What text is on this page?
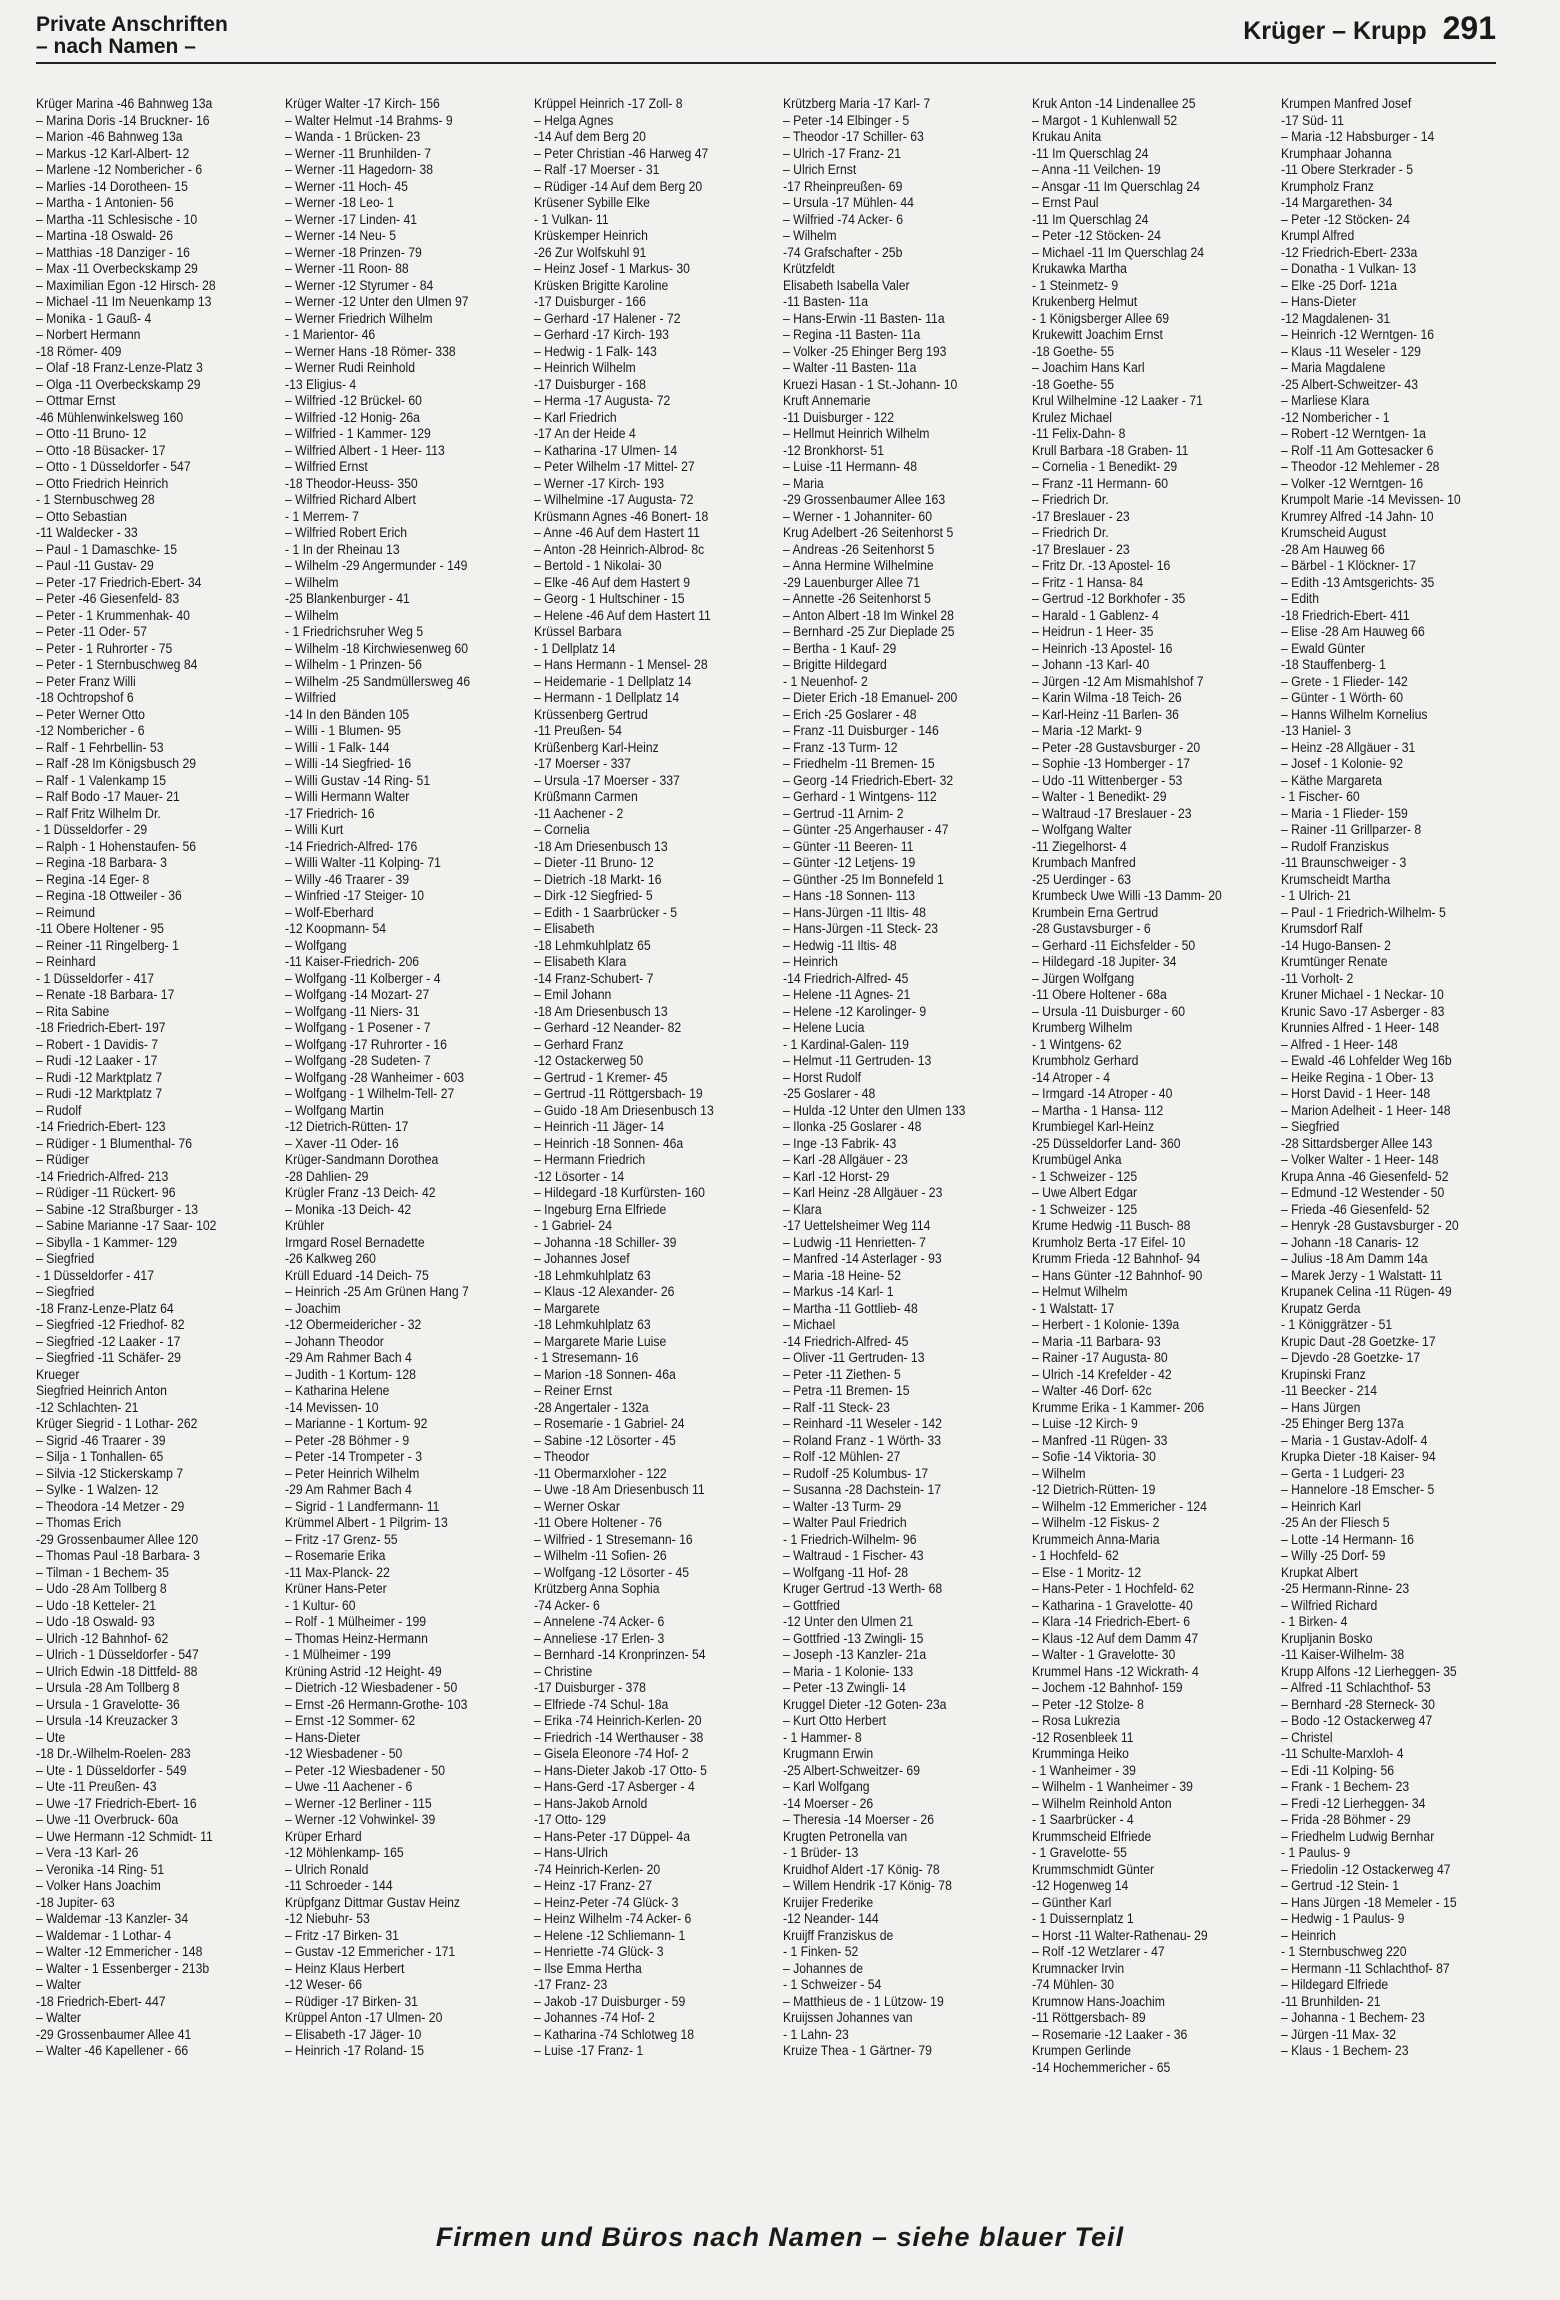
Private Anschriften
– nach Namen –
Krüger – Krupp 291
Krüger Marina -46 Bahnweg 13a
– Marina Doris -14 Bruckner- 16
– Marion -46 Bahnweg 13a
– Markus -12 Karl-Albert- 12
– Marlene -12 Nombericher - 6
– Marlies -14 Dorotheen- 15
– Martha - 1 Antonien- 56
– Martha -11 Schlesische - 10
– Martina -18 Oswald- 26
– Matthias -18 Danziger - 16
– Max -11 Overbeckskamp 29
– Maximilian Egon -12 Hirsch- 28
– Michael -11 Im Neuenkamp 13
– Monika - 1 Gauß- 4
– Norbert Hermann
-18 Römer- 409
– Olaf -18 Franz-Lenze-Platz 3
– Olga -11 Overbeckskamp 29
– Ottmar Ernst
-46 Mühlenwinkelsweg 160
– Otto -11 Bruno- 12
– Otto -18 Büsacker- 17
– Otto - 1 Düsseldorfer - 547
– Otto Friedrich Heinrich
- 1 Sternbuschweg 28
– Otto Sebastian
-11 Waldecker - 33
– Paul - 1 Damaschke- 15
– Paul -11 Gustav- 29
– Peter -17 Friedrich-Ebert- 34
– Peter -46 Giesenfeld- 83
– Peter - 1 Krummenhak- 40
– Peter -11 Oder- 57
– Peter - 1 Ruhrorter - 75
– Peter - 1 Sternbuschweg 84
– Peter Franz Willi
-18 Ochtropshof 6
– Peter Werner Otto
-12 Nombericher - 6
– Ralf - 1 Fehrbellin- 53
– Ralf -28 Im Königsbusch 29
– Ralf - 1 Valenkamp 15
– Ralf Bodo -17 Mauer- 21
– Ralf Fritz Wilhelm Dr.
- 1 Düsseldorfer - 29
– Ralph - 1 Hohenstaufen- 56
– Regina -18 Barbara- 3
– Regina -14 Eger- 8
– Regina -18 Ottweiler - 36
– Reimund
-11 Obere Holtener - 95
– Reiner -11 Ringelberg- 1
– Reinhard
- 1 Düsseldorfer - 417
– Renate -18 Barbara- 17
– Rita Sabine
-18 Friedrich-Ebert- 197
– Robert - 1 Davidis- 7
– Rudi -12 Laaker - 17
– Rudi -12 Marktplatz 7
– Rudi -12 Marktplatz 7
– Rudolf
-14 Friedrich-Ebert- 123
– Rüdiger - 1 Blumenthal- 76
– Rüdiger
-14 Friedrich-Alfred- 213
– Rüdiger -11 Rückert- 96
– Sabine -12 Straßburger - 13
– Sabine Marianne -17 Saar- 102
– Sibylla - 1 Kammer- 129
– Siegfried
- 1 Düsseldorfer - 417
– Siegfried
-18 Franz-Lenze-Platz 64
– Siegfried -12 Friedhof- 82
– Siegfried -12 Laaker - 17
– Siegfried -11 Schäfer- 29
Krueger
Siegfried Heinrich Anton
-12 Schlachten- 21
Krüger Siegrid - 1 Lothar- 262
– Sigrid -46 Traarer - 39
– Silja - 1 Tonhallen- 65
– Silvia -12 Stickerskamp 7
– Sylke - 1 Walzen- 12
– Theodora -14 Metzer - 29
– Thomas Erich
-29 Grossenbaumer Allee 120
– Thomas Paul -18 Barbara- 3
– Tilman - 1 Bechem- 35
– Udo -28 Am Tollberg 8
– Udo -18 Ketteler- 21
– Udo -18 Oswald- 93
– Ulrich -12 Bahnhof- 62
– Ulrich - 1 Düsseldorfer - 547
– Ulrich Edwin -18 Dittfeld- 88
– Ursula -28 Am Tollberg 8
– Ursula - 1 Gravelotte- 36
– Ursula -14 Kreuzacker 3
– Ute
-18 Dr.-Wilhelm-Roelen- 283
– Ute - 1 Düsseldorfer - 549
– Ute -11 Preußen- 43
– Uwe -17 Friedrich-Ebert- 16
– Uwe -11 Overbruck- 60a
– Uwe Hermann -12 Schmidt- 11
– Vera -13 Karl- 26
– Veronika -14 Ring- 51
– Volker Hans Joachim
-18 Jupiter- 63
– Waldemar -13 Kanzler- 34
– Waldemar - 1 Lothar- 4
– Walter -12 Emmericher - 148
– Walter - 1 Essenberger - 213b
– Walter
-18 Friedrich-Ebert- 447
– Walter
-29 Grossenbaumer Allee 41
– Walter -46 Kapellener - 66
Krüger Walter -17 Kirch- 156
– Walter Helmut -14 Brahms- 9
– Wanda - 1 Brücken- 23
– Werner -11 Brunhilden- 7
– Werner -11 Hagedorn- 38
– Werner -11 Hoch- 45
– Werner -18 Leo- 1
– Werner -17 Linden- 41
– Werner -14 Neu- 5
– Werner -18 Prinzen- 79
– Werner -11 Roon- 88
– Werner -12 Styrumer - 84
– Werner -12 Unter den Ulmen 97
– Werner Friedrich Wilhelm
- 1 Marientor- 46
– Werner Hans -18 Römer- 338
– Werner Rudi Reinhold
-13 Eligius- 4
– Wilfried -12 Brückel- 60
– Wilfried -12 Honig- 26a
– Wilfried - 1 Kammer- 129
– Wilfried Albert - 1 Heer- 113
– Wilfried Ernst
-18 Theodor-Heuss- 350
– Wilfried Richard Albert
- 1 Merrem- 7
– Wilfried Robert Erich
- 1 In der Rheinau 13
– Wilhelm -29 Angermunder - 149
– Wilhelm
-25 Blankenburger - 41
– Wilhelm
- 1 Friedrichsruher Weg 5
– Wilhelm -18 Kirchwiesenweg 60
– Wilhelm - 1 Prinzen- 56
– Wilhelm -25 Sandmüllersweg 46
– Wilfried
-14 In den Bänden 105
– Willi - 1 Blumen- 95
– Willi - 1 Falk- 144
– Willi -14 Siegfried- 16
– Willi Gustav -14 Ring- 51
– Willi Hermann Walter
-17 Friedrich- 16
– Willi Kurt
-14 Friedrich-Alfred- 176
– Willi Walter -11 Kolping- 71
– Willy -46 Traarer - 39
– Winfried -17 Steiger- 10
– Wolf-Eberhard
-12 Koopmann- 54
– Wolfgang
-11 Kaiser-Friedrich- 206
– Wolfgang -11 Kolberger - 4
– Wolfgang -14 Mozart- 27
– Wolfgang -11 Niers- 31
– Wolfgang - 1 Posener - 7
– Wolfgang -17 Ruhrorter - 16
– Wolfgang -28 Sudeten- 7
– Wolfgang -28 Wanheimer - 603
– Wolfgang - 1 Wilhelm-Tell- 27
– Wolfgang Martin
-12 Dietrich-Rütten- 17
– Xaver -11 Oder- 16
Krüger-Sandmann Dorothea
-28 Dahlien- 29
Krügler Franz -13 Deich- 42
– Monika -13 Deich- 42
Krühler
Irmgard Rosel Bernadette
-26 Kalkweg 260
Krüll Eduard -14 Deich- 75
– Heinrich -25 Am Grünen Hang 7
– Joachim
-12 Obermeidericher - 32
– Johann Theodor
-29 Am Rahmer Bach 4
– Judith - 1 Kortum- 128
– Katharina Helene
-14 Mevissen- 10
– Marianne - 1 Kortum- 92
– Peter -28 Böhmer - 9
– Peter -14 Trompeter - 3
– Peter Heinrich Wilhelm
-29 Am Rahmer Bach 4
– Sigrid - 1 Landfermann- 11
Krümmel Albert - 1 Pilgrim- 13
– Fritz -17 Grenz- 55
– Rosemarie Erika
-11 Max-Planck- 22
Krüner Hans-Peter
- 1 Kultur- 60
– Rolf - 1 Mülheimer - 199
– Thomas Heinz-Hermann
- 1 Mülheimer - 199
Krüning Astrid -12 Height- 49
– Dietrich -12 Wiesbadener - 50
– Ernst -26 Hermann-Grothe- 103
– Ernst -12 Sommer- 62
– Hans-Dieter
-12 Wiesbadener - 50
– Peter -12 Wiesbadener - 50
– Uwe -11 Aachener - 6
– Werner -12 Berliner - 115
– Werner -12 Vohwinkel- 39
Krüper Erhard
-12 Möhlenkamp- 165
– Ulrich Ronald
-11 Schroeder - 144
Krüpfganz Dittmar Gustav Heinz
-12 Niebuhr- 53
– Fritz -17 Birken- 31
– Gustav -12 Emmericher - 171
– Heinz Klaus Herbert
-12 Weser- 66
– Rüdiger -17 Birken- 31
Krüppel Anton -17 Ulmen- 20
– Elisabeth -17 Jäger- 10
– Heinrich -17 Roland- 15
Krüppel Heinrich -17 Zoll- 8
– Helga Agnes
-14 Auf dem Berg 20
– Peter Christian -46 Harweg 47
– Ralf -17 Moerser - 31
– Rüdiger -14 Auf dem Berg 20
Krüsener Sybille Elke
- 1 Vulkan- 11
Krüskemper Heinrich
-26 Zur Wolfskuhl 91
– Heinz Josef - 1 Markus- 30
Krüsken Brigitte Karoline
-17 Duisburger - 166
– Gerhard -17 Halener - 72
– Gerhard -17 Kirch- 193
– Hedwig - 1 Falk- 143
– Heinrich Wilhelm
-17 Duisburger - 168
– Herma -17 Augusta- 72
– Karl Friedrich
-17 An der Heide 4
– Katharina -17 Ulmen- 14
– Peter Wilhelm -17 Mittel- 27
– Werner -17 Kirch- 193
– Wilhelmine -17 Augusta- 72
Krüsmann Agnes -46 Bonert- 18
– Anne -46 Auf dem Hastert 11
– Anton -28 Heinrich-Albrod- 8c
– Bertold - 1 Nikolai- 30
– Elke -46 Auf dem Hastert 9
– Georg - 1 Hultschiner - 15
– Helene -46 Auf dem Hastert 11
Krüssel Barbara
- 1 Dellplatz 14
– Hans Hermann - 1 Mensel- 28
– Heidemarie - 1 Dellplatz 14
– Hermann - 1 Dellplatz 14
Krüssenberg Gertrud
-11 Preußen- 54
Krüßenberg Karl-Heinz
-17 Moerser - 337
– Ursula -17 Moerser - 337
Krüßmann Carmen
-11 Aachener - 2
– Cornelia
-18 Am Driesenbusch 13
– Dieter -11 Bruno- 12
– Dietrich -18 Markt- 16
– Dirk -12 Siegfried- 5
– Edith - 1 Saarbrücker - 5
– Elisabeth
-18 Lehmkuhlplatz 65
– Elisabeth Klara
-14 Franz-Schubert- 7
– Emil Johann
-18 Am Driesenbusch 13
– Gerhard -12 Neander- 82
– Gerhard Franz
-12 Ostackerweg 50
– Gertrud - 1 Kremer- 45
– Gertrud -11 Röttgersbach- 19
– Guido -18 Am Driesenbusch 13
– Heinrich -11 Jäger- 14
– Heinrich -18 Sonnen- 46a
– Hermann Friedrich
-12 Lösorter - 14
– Hildegard -18 Kurfürsten- 160
– Ingeburg Erna Elfriede
- 1 Gabriel- 24
– Johanna -18 Schiller- 39
– Johannes Josef
-18 Lehmkuhlplatz 63
– Klaus -12 Alexander- 26
– Margarete
-18 Lehmkuhlplatz 63
– Margarete Marie Luise
- 1 Stresemann- 16
– Marion -18 Sonnen- 46a
– Reiner Ernst
-28 Angertaler - 132a
– Rosemarie - 1 Gabriel- 24
– Sabine -12 Lösorter - 45
– Theodor
-11 Obermarxloher - 122
– Uwe -18 Am Driesenbusch 11
– Werner Oskar
-11 Obere Holtener - 76
– Wilfried - 1 Stresemann- 16
– Wilhelm -11 Sofien- 26
– Wolfgang -12 Lösorter - 45
Krützberg Anna Sophia
-74 Acker- 6
– Annelene -74 Acker- 6
– Anneliese -17 Erlen- 3
– Bernhard -14 Kronprinzen- 54
– Christine
-17 Duisburger - 378
– Elfriede -74 Schul- 18a
– Erika -74 Heinrich-Kerlen- 20
– Friedrich -14 Werthauser - 38
– Gisela Eleonore -74 Hof- 2
– Hans-Dieter Jakob -17 Otto- 5
– Hans-Gerd -17 Asberger - 4
– Hans-Jakob Arnold
-17 Otto- 129
– Hans-Peter -17 Düppel- 4a
– Hans-Ulrich
-74 Heinrich-Kerlen- 20
– Heinz -17 Franz- 27
– Heinz-Peter -74 Glück- 3
– Heinz Wilhelm -74 Acker- 6
– Helene -12 Schliemann- 1
– Henriette -74 Glück- 3
– Ilse Emma Hertha
-17 Franz- 23
– Jakob -17 Duisburger - 59
– Johannes -74 Hof- 2
– Katharina -74 Schlotweg 18
– Luise -17 Franz- 1
Krützberg Maria -17 Karl- 7
– Peter -14 Elbinger - 5
– Theodor -17 Schiller- 63
– Ulrich -17 Franz- 21
– Ulrich Ernst
-17 Rheinpreußen- 69
– Ursula -17 Mühlen- 44
– Wilfried -74 Acker- 6
– Wilhelm
-74 Grafschafter - 25b
Krützfeldt
Elisabeth Isabella Valer
-11 Basten- 11a
– Hans-Erwin -11 Basten- 11a
– Regina -11 Basten- 11a
– Volker -25 Ehinger Berg 193
– Walter -11 Basten- 11a
Kruezi Hasan - 1 St.-Johann- 10
Kruft Annemarie
-11 Duisburger - 122
– Hellmut Heinrich Wilhelm
-12 Bronkhorst- 51
– Luise -11 Hermann- 48
– Maria
-29 Grossenbaumer Allee 163
– Werner - 1 Johanniter- 60
Krug Adelbert -26 Seitenhorst 5
– Andreas -26 Seitenhorst 5
– Anna Hermine Wilhelmine
-29 Lauenburger Allee 71
– Annette -26 Seitenhorst 5
– Anton Albert -18 Im Winkel 28
– Bernhard -25 Zur Dieplade 25
– Bertha - 1 Kauf- 29
– Brigitte Hildegard
- 1 Neuenhof- 2
– Dieter Erich -18 Emanuel- 200
– Erich -25 Goslarer - 48
– Franz -11 Duisburger - 146
– Franz -13 Turm- 12
– Friedhelm -11 Bremen- 15
– Georg -14 Friedrich-Ebert- 32
– Gerhard - 1 Wintgens- 112
– Gertrud -11 Arnim- 2
– Günter -25 Angerhauser - 47
– Günter -11 Beeren- 11
– Günter -12 Letjens- 19
– Günther -25 Im Bonnefeld 1
– Hans -18 Sonnen- 113
– Hans-Jürgen -11 Iltis- 48
– Hans-Jürgen -11 Steck- 23
– Hedwig -11 Iltis- 48
– Heinrich
-14 Friedrich-Alfred- 45
– Helene -11 Agnes- 21
– Helene -12 Karolinger- 9
– Helene Lucia
- 1 Kardinal-Galen- 119
– Helmut -11 Gertruden- 13
– Horst Rudolf
-25 Goslarer - 48
– Hulda -12 Unter den Ulmen 133
– Ilonka -25 Goslarer - 48
– Inge -13 Fabrik- 43
– Karl -28 Allgäuer - 23
– Karl -12 Horst- 29
– Karl Heinz -28 Allgäuer - 23
– Klara
-17 Uettelsheimer Weg 114
– Ludwig -11 Henrietten- 7
– Manfred -14 Asterlager - 93
– Maria -18 Heine- 52
– Markus -14 Karl- 1
– Martha -11 Gottlieb- 48
– Michael
-14 Friedrich-Alfred- 45
– Oliver -11 Gertruden- 13
– Peter -11 Ziethen- 5
– Petra -11 Bremen- 15
– Ralf -11 Steck- 23
– Reinhard -11 Weseler - 142
– Roland Franz - 1 Wörth- 33
– Rolf -12 Mühlen- 27
– Rudolf -25 Kolumbus- 17
– Susanna -28 Dachstein- 17
– Walter -13 Turm- 29
– Walter Paul Friedrich
- 1 Friedrich-Wilhelm- 96
– Waltraud - 1 Fischer- 43
– Wolfgang -11 Hof- 28
Kruger Gertrud -13 Werth- 68
– Gottfried
-12 Unter den Ulmen 21
– Gottfried -13 Zwingli- 15
– Joseph -13 Kanzler- 21a
– Maria - 1 Kolonie- 133
– Peter -13 Zwingli- 14
Kruggel Dieter -12 Goten- 23a
– Kurt Otto Herbert
- 1 Hammer- 8
Krugmann Erwin
-25 Albert-Schweitzer- 69
– Karl Wolfgang
-14 Moerser - 26
– Theresia -14 Moerser - 26
Krugten Petronella van
- 1 Brüder- 13
Kruidhof Aldert -17 König- 78
– Willem Hendrik -17 König- 78
Kruijer Frederike
-12 Neander- 144
Kruijff Franziskus de
- 1 Finken- 52
– Johannes de
- 1 Schweizer - 54
– Matthieus de - 1 Lützow- 19
Kruijssen Johannes van
- 1 Lahn- 23
Kruize Thea - 1 Gärtner- 79
Kruk Anton -14 Lindenallee 25
– Margot - 1 Kuhlenwall 52
Krukau Anita
-11 Im Querschlag 24
– Anna -11 Veilchen- 19
– Ansgar -11 Im Querschlag 24
– Ernst Paul
-11 Im Querschlag 24
– Peter -12 Stöcken- 24
– Michael -11 Im Querschlag 24
Krukawka Martha
- 1 Steinmetz- 9
Krukenberg Helmut
- 1 Königsberger Allee 69
Krukewitt Joachim Ernst
-18 Goethe- 55
– Joachim Hans Karl
-18 Goethe- 55
Krul Wilhelmine -12 Laaker - 71
Krulez Michael
-11 Felix-Dahn- 8
Krull Barbara -18 Graben- 11
– Cornelia - 1 Benedikt- 29
– Franz -11 Hermann- 60
– Friedrich Dr.
-17 Breslauer - 23
– Friedrich Dr.
-17 Breslauer - 23
– Fritz Dr. -13 Apostel- 16
– Fritz - 1 Hansa- 84
– Gertrud -12 Borkhofer - 35
– Harald - 1 Gablenz- 4
– Heidrun - 1 Heer- 35
– Heinrich -13 Apostel- 16
– Johann -13 Karl- 40
– Jürgen -12 Am Mismahlshof 7
– Karin Wilma -18 Teich- 26
– Karl-Heinz -11 Barlen- 36
– Maria -12 Markt- 9
– Peter -28 Gustavsburger - 20
– Sophie -13 Homberger - 17
– Udo -11 Wittenberger - 53
– Walter - 1 Benedikt- 29
– Waltraud -17 Breslauer - 23
– Wolfgang Walter
-11 Ziegelhorst- 4
Krumbach Manfred
-25 Uerdinger - 63
Krumbeck Uwe Willi -13 Damm- 20
Krumbein Erna Gertrud
-28 Gustavsburger - 6
– Gerhard -11 Eichsfelder - 50
– Hildegard -18 Jupiter- 34
– Jürgen Wolfgang
-11 Obere Holtener - 68a
– Ursula -11 Duisburger - 60
Krumberg Wilhelm
- 1 Wintgens- 62
Krumbholz Gerhard
-14 Atroper - 4
– Irmgard -14 Atroper - 40
– Martha - 1 Hansa- 112
Krumbiegel Karl-Heinz
-25 Düsseldorfer Land- 360
Krumbügel Anka
- 1 Schweizer - 125
– Uwe Albert Edgar
- 1 Schweizer - 125
Krume Hedwig -11 Busch- 88
Krumholz Berta -17 Eifel- 10
Krumm Frieda -12 Bahnhof- 94
– Hans Günter -12 Bahnhof- 90
– Helmut Wilhelm
- 1 Walstatt- 17
– Herbert - 1 Kolonie- 139a
– Maria -11 Barbara- 93
– Rainer -17 Augusta- 80
– Ulrich -14 Krefelder - 42
– Walter -46 Dorf- 62c
Krumme Erika - 1 Kammer- 206
– Luise -12 Kirch- 9
– Manfred -11 Rügen- 33
– Sofie -14 Viktoria- 30
– Wilhelm
-12 Dietrich-Rütten- 19
– Wilhelm -12 Emmericher - 124
– Wilhelm -12 Fiskus- 2
Krummeich Anna-Maria
- 1 Hochfeld- 62
– Else - 1 Moritz- 12
– Hans-Peter - 1 Hochfeld- 62
– Katharina - 1 Gravelotte- 40
– Klara -14 Friedrich-Ebert- 6
– Klaus -12 Auf dem Damm 47
– Walter - 1 Gravelotte- 30
Krummel Hans -12 Wickrath- 4
– Jochem -12 Bahnhof- 159
– Peter -12 Stolze- 8
– Rosa Lukrezia
-12 Rosenbleek 11
Krumminga Heiko
- 1 Wanheimer - 39
– Wilhelm - 1 Wanheimer - 39
– Wilhelm Reinhold Anton
- 1 Saarbrücker - 4
Krummscheid Elfriede
- 1 Gravelotte- 55
Krummschmidt Günter
-12 Hogenweg 14
– Günther Karl
- 1 Duissernplatz 1
– Horst -11 Walter-Rathenau- 29
– Rolf -12 Wetzlarer - 47
Krumnacker Irvin
-74 Mühlen- 30
Krumnow Hans-Joachim
-11 Röttgersbach- 89
– Rosemarie -12 Laaker - 36
Krumpen Gerlinde
-14 Hochemmericher - 65
Krumpen Manfred Josef
-17 Süd- 11
– Maria -12 Habsburger - 14
Krumphaar Johanna
-11 Obere Sterkrader - 5
Krumpholz Franz
-14 Margarethen- 34
– Peter -12 Stöcken- 24
Krumpl Alfred
-12 Friedrich-Ebert- 233a
– Donatha - 1 Vulkan- 13
– Elke -25 Dorf- 121a
– Hans-Dieter
-12 Magdalenen- 31
– Heinrich -12 Werntgen- 16
– Klaus -11 Weseler - 129
– Maria Magdalene
-25 Albert-Schweitzer- 43
– Marliese Klara
-12 Nombericher - 1
– Robert -12 Werntgen- 1a
– Rolf -11 Am Gottesacker 6
– Theodor -12 Mehlemer - 28
– Volker -12 Werntgen- 16
Krumpolt Marie -14 Mevissen- 10
Krumrey Alfred -14 Jahn- 10
Krumscheid August
-28 Am Hauweg 66
– Bärbel - 1 Klöckner- 17
– Edith -13 Amtsgerichts- 35
– Edith
-18 Friedrich-Ebert- 411
– Elise -28 Am Hauweg 66
– Ewald Günter
-18 Stauffenberg- 1
– Grete - 1 Flieder- 142
– Günter - 1 Wörth- 60
– Hanns Wilhelm Kornelius
-13 Haniel- 3
– Heinz -28 Allgäuer - 31
– Josef - 1 Kolonie- 92
– Käthe Margareta
- 1 Fischer- 60
– Maria - 1 Flieder- 159
– Rainer -11 Grillparzer- 8
– Rudolf Franziskus
-11 Braunschweiger - 3
Krumscheidt Martha
- 1 Ulrich- 21
– Paul - 1 Friedrich-Wilhelm- 5
Krumsdorf Ralf
-14 Hugo-Bansen- 2
Krumtünger Renate
-11 Vorholt- 2
Kruner Michael - 1 Neckar- 10
Krunic Savo -17 Asberger - 83
Krunnies Alfred - 1 Heer- 148
– Alfred - 1 Heer- 148
– Ewald -46 Lohfelder Weg 16b
– Heike Regina - 1 Ober- 13
– Horst David - 1 Heer- 148
– Marion Adelheit - 1 Heer- 148
– Siegfried
-28 Sittardsberger Allee 143
– Volker Walter - 1 Heer- 148
Krupa Anna -46 Giesenfeld- 52
– Edmund -12 Westender - 50
– Frieda -46 Giesenfeld- 52
– Henryk -28 Gustavsburger - 20
– Johann -18 Canaris- 12
– Julius -18 Am Damm 14a
– Marek Jerzy - 1 Walstatt- 11
Krupanek Celina -11 Rügen- 49
Krupatz Gerda
- 1 Königgrätzer - 51
Krupic Daut -28 Goetzke- 17
– Djevdo -28 Goetzke- 17
Krupinski Franz
-11 Beecker - 214
– Hans Jürgen
-25 Ehinger Berg 137a
– Maria - 1 Gustav-Adolf- 4
Krupka Dieter -18 Kaiser- 94
– Gerta - 1 Ludgeri- 23
– Hannelore -18 Emscher- 5
– Heinrich Karl
-25 An der Fliesch 5
– Lotte -14 Hermann- 16
– Willy -25 Dorf- 59
Krupkat Albert
-25 Hermann-Rinne- 23
– Wilfried Richard
- 1 Birken- 4
Krupljanin Bosko
-11 Kaiser-Wilhelm- 38
Krupp Alfons -12 Lierheggen- 35
– Alfred -11 Schlachthof- 53
– Bernhard -28 Sterneck- 30
– Bodo -12 Ostackerweg 47
– Christel
-11 Schulte-Marxloh- 4
– Edi -11 Kolping- 56
– Frank - 1 Bechem- 23
– Fredi -12 Lierheggen- 34
– Frida -28 Böhmer - 29
– Friedhelm Ludwig Bernhar
- 1 Paulus- 9
– Friedolin -12 Ostackerweg 47
– Gertrud -12 Stein- 1
– Hans Jürgen -18 Memeler - 15
– Hedwig - 1 Paulus- 9
– Heinrich
- 1 Sternbuschweg 220
– Hermann -11 Schlachthof- 87
– Hildegard Elfriede
-11 Brunhilden- 21
– Johanna - 1 Bechem- 23
– Jürgen -11 Max- 32
– Klaus - 1 Bechem- 23
Firmen und Büros nach Namen – siehe blauer Teil
